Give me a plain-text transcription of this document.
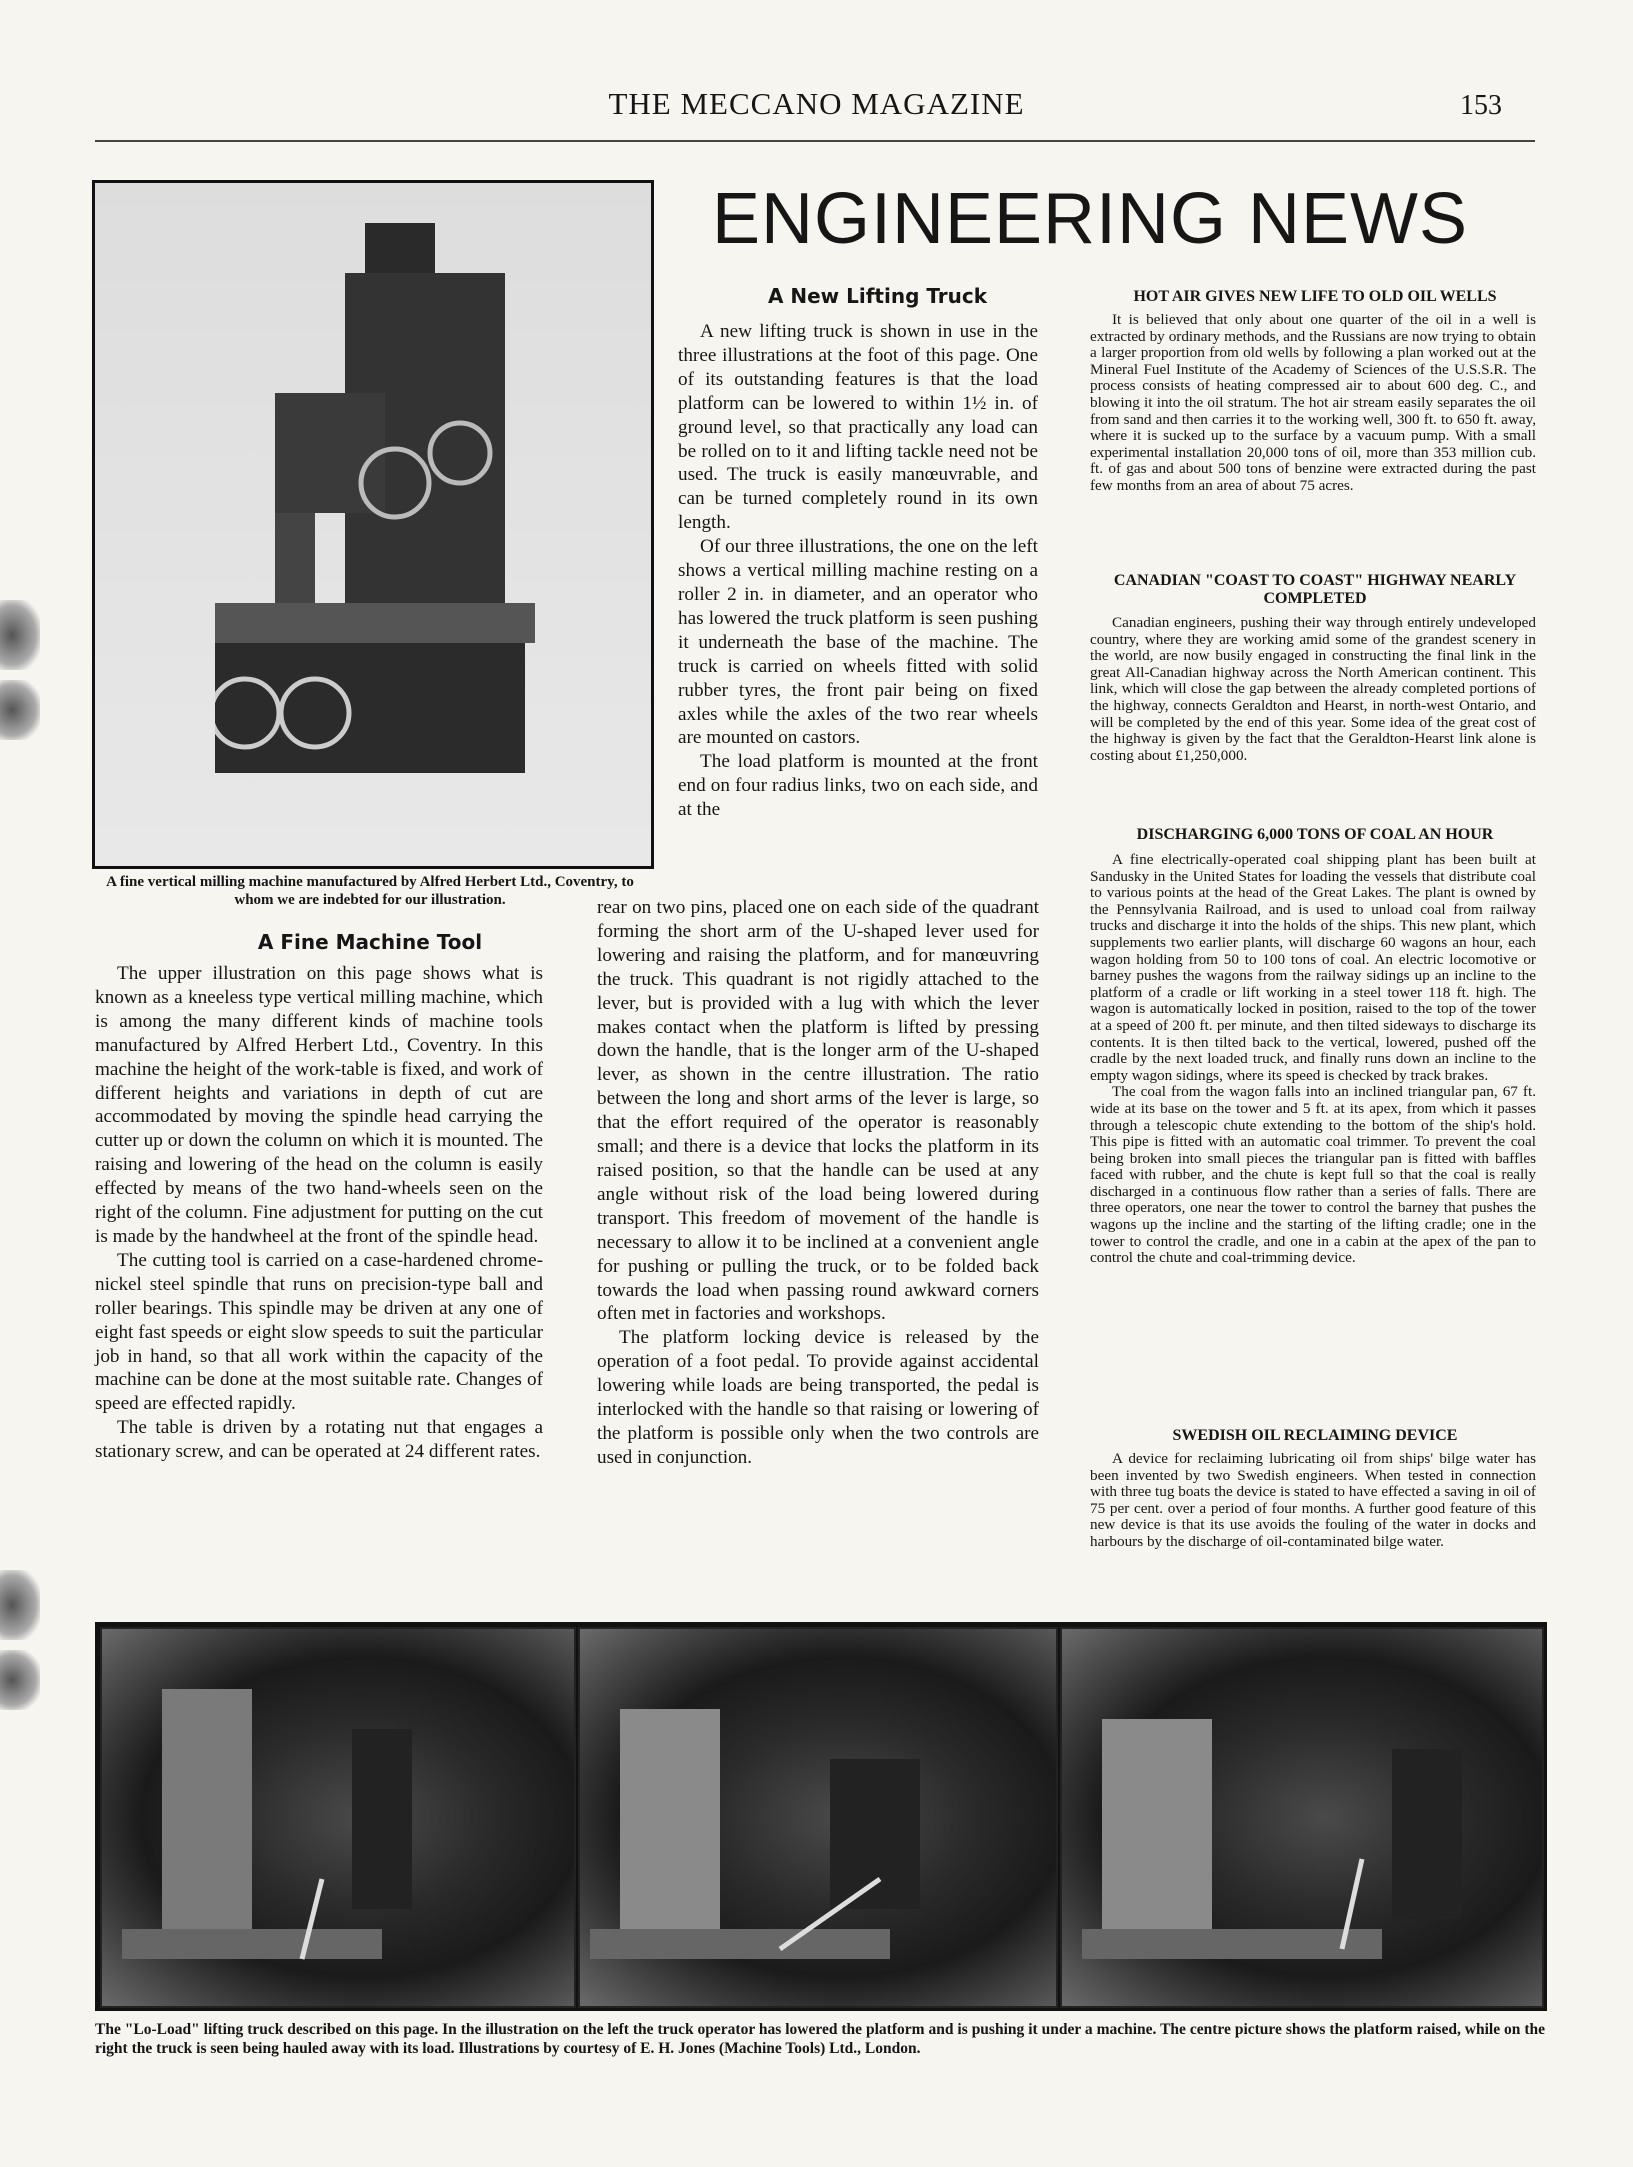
THE MECCANO MAGAZINE	153
A fine vertical milling machine manufactured by Alfred Herbert Ltd., Coventry, to whom we are indebted for our illustration.
ENGINEERING NEWS
A Fine Machine Tool

The upper illustration on this page shows what is known as a kneeless type vertical milling machine, which is among the many different kinds of machine tools manufactured by Alfred Herbert Ltd., Coventry. In this machine the height of the work-table is fixed, and work of different heights and variations in depth of cut are accommodated by moving the spindle head carrying the cutter up or down the column on which it is mounted. The raising and lowering of the head on the column is easily effected by means of the two hand-wheels seen on the right of the column. Fine adjustment for putting on the cut is made by the handwheel at the front of the spindle head.

The cutting tool is carried on a case-hardened chrome-nickel steel spindle that runs on precision-type ball and roller bearings. This spindle may be driven at any one of eight fast speeds or eight slow speeds to suit the particular job in hand, so that all work within the capacity of the machine can be done at the most suitable rate. Changes of speed are effected rapidly.

The table is driven by a rotating nut that engages a stationary screw, and can be operated at 24 different rates.

A New Lifting Truck

A new lifting truck is shown in use in the three illustrations at the foot of this page. One of its outstanding features is that the load platform can be lowered to within 1½ in. of ground level, so that practically any load can be rolled on to it and lifting tackle need not be used. The truck is easily manœuvrable, and can be turned completely round in its own length.

Of our three illustrations, the one on the left shows a vertical milling machine resting on a roller 2 in. in diameter, and an operator who has lowered the truck platform is seen pushing it underneath the base of the machine. The truck is carried on wheels fitted with solid rubber tyres, the front pair being on fixed axles while the axles of the two rear wheels are mounted on castors.

The load platform is mounted at the front end on four radius links, two on each side, and at the

rear on two pins, placed one on each side of the quadrant forming the short arm of the U-shaped lever used for lowering and raising the platform, and for manœuvring the truck. This quadrant is not rigidly attached to the lever, but is provided with a lug with which the lever makes contact when the platform is lifted by pressing down the handle, that is the longer arm of the U-shaped lever, as shown in the centre illustration. The ratio between the long and short arms of the lever is large, so that the effort required of the operator is reasonably small; and there is a device that locks the platform in its raised position, so that the handle can be used at any angle without risk of the load being lowered during transport. This freedom of movement of the handle is necessary to allow it to be inclined at a convenient angle for pushing or pulling the truck, or to be folded back towards the load when passing round awkward corners often met in factories and workshops.

The platform locking device is released by the operation of a foot pedal. To provide against accidental lowering while loads are being transported, the pedal is interlocked with the handle so that raising or lowering of the platform is possible only when the two controls are used in conjunction.

HOT AIR GIVES NEW LIFE TO OLD OIL WELLS

It is believed that only about one quarter of the oil in a well is extracted by ordinary methods, and the Russians are now trying to obtain a larger proportion from old wells by following a plan worked out at the Mineral Fuel Institute of the Academy of Sciences of the U.S.S.R. The process consists of heating compressed air to about 600 deg. C., and blowing it into the oil stratum. The hot air stream easily separates the oil from sand and then carries it to the working well, 300 ft. to 650 ft. away, where it is sucked up to the surface by a vacuum pump. With a small experimental installation 20,000 tons of oil, more than 353 million cub. ft. of gas and about 500 tons of benzine were extracted during the past few months from an area of about 75 acres.

CANADIAN "COAST TO COAST" HIGHWAY NEARLY COMPLETED

Canadian engineers, pushing their way through entirely undeveloped country, where they are working amid some of the grandest scenery in the world, are now busily engaged in constructing the final link in the great All-Canadian highway across the North American continent. This link, which will close the gap between the already completed portions of the highway, connects Geraldton and Hearst, in north-west Ontario, and will be completed by the end of this year. Some idea of the great cost of the highway is given by the fact that the Geraldton-Hearst link alone is costing about £1,250,000.

DISCHARGING 6,000 TONS OF COAL AN HOUR

A fine electrically-operated coal shipping plant has been built at Sandusky in the United States for loading the vessels that distribute coal to various points at the head of the Great Lakes. The plant is owned by the Pennsylvania Railroad, and is used to unload coal from railway trucks and discharge it into the holds of the ships. This new plant, which supplements two earlier plants, will discharge 60 wagons an hour, each wagon holding from 50 to 100 tons of coal. An electric locomotive or barney pushes the wagons from the railway sidings up an incline to the platform of a cradle or lift working in a steel tower 118 ft. high. The wagon is automatically locked in position, raised to the top of the tower at a speed of 200 ft. per minute, and then tilted sideways to discharge its contents. It is then tilted back to the vertical, lowered, pushed off the cradle by the next loaded truck, and finally runs down an incline to the empty wagon sidings, where its speed is checked by track brakes.

The coal from the wagon falls into an inclined triangular pan, 67 ft. wide at its base on the tower and 5 ft. at its apex, from which it passes through a telescopic chute extending to the bottom of the ship's hold. This pipe is fitted with an automatic coal trimmer. To prevent the coal being broken into small pieces the triangular pan is fitted with baffles faced with rubber, and the chute is kept full so that the coal is really discharged in a continuous flow rather than a series of falls. There are three operators, one near the tower to control the barney that pushes the wagons up the incline and the starting of the lifting cradle; one in the tower to control the cradle, and one in a cabin at the apex of the pan to control the chute and coal-trimming device.

SWEDISH OIL RECLAIMING DEVICE

A device for reclaiming lubricating oil from ships' bilge water has been invented by two Swedish engineers. When tested in connection with three tug boats the device is stated to have effected a saving in oil of 75 per cent. over a period of four months. A further good feature of this new device is that its use avoids the fouling of the water in docks and harbours by the discharge of oil-contaminated bilge water.

The "Lo-Load" lifting truck described on this page. In the illustration on the left the truck operator has lowered the platform and is pushing it under a machine. The centre picture shows the platform raised, while on the right the truck is seen being hauled away with its load. Illustrations by courtesy of E. H. Jones (Machine Tools) Ltd., London.
